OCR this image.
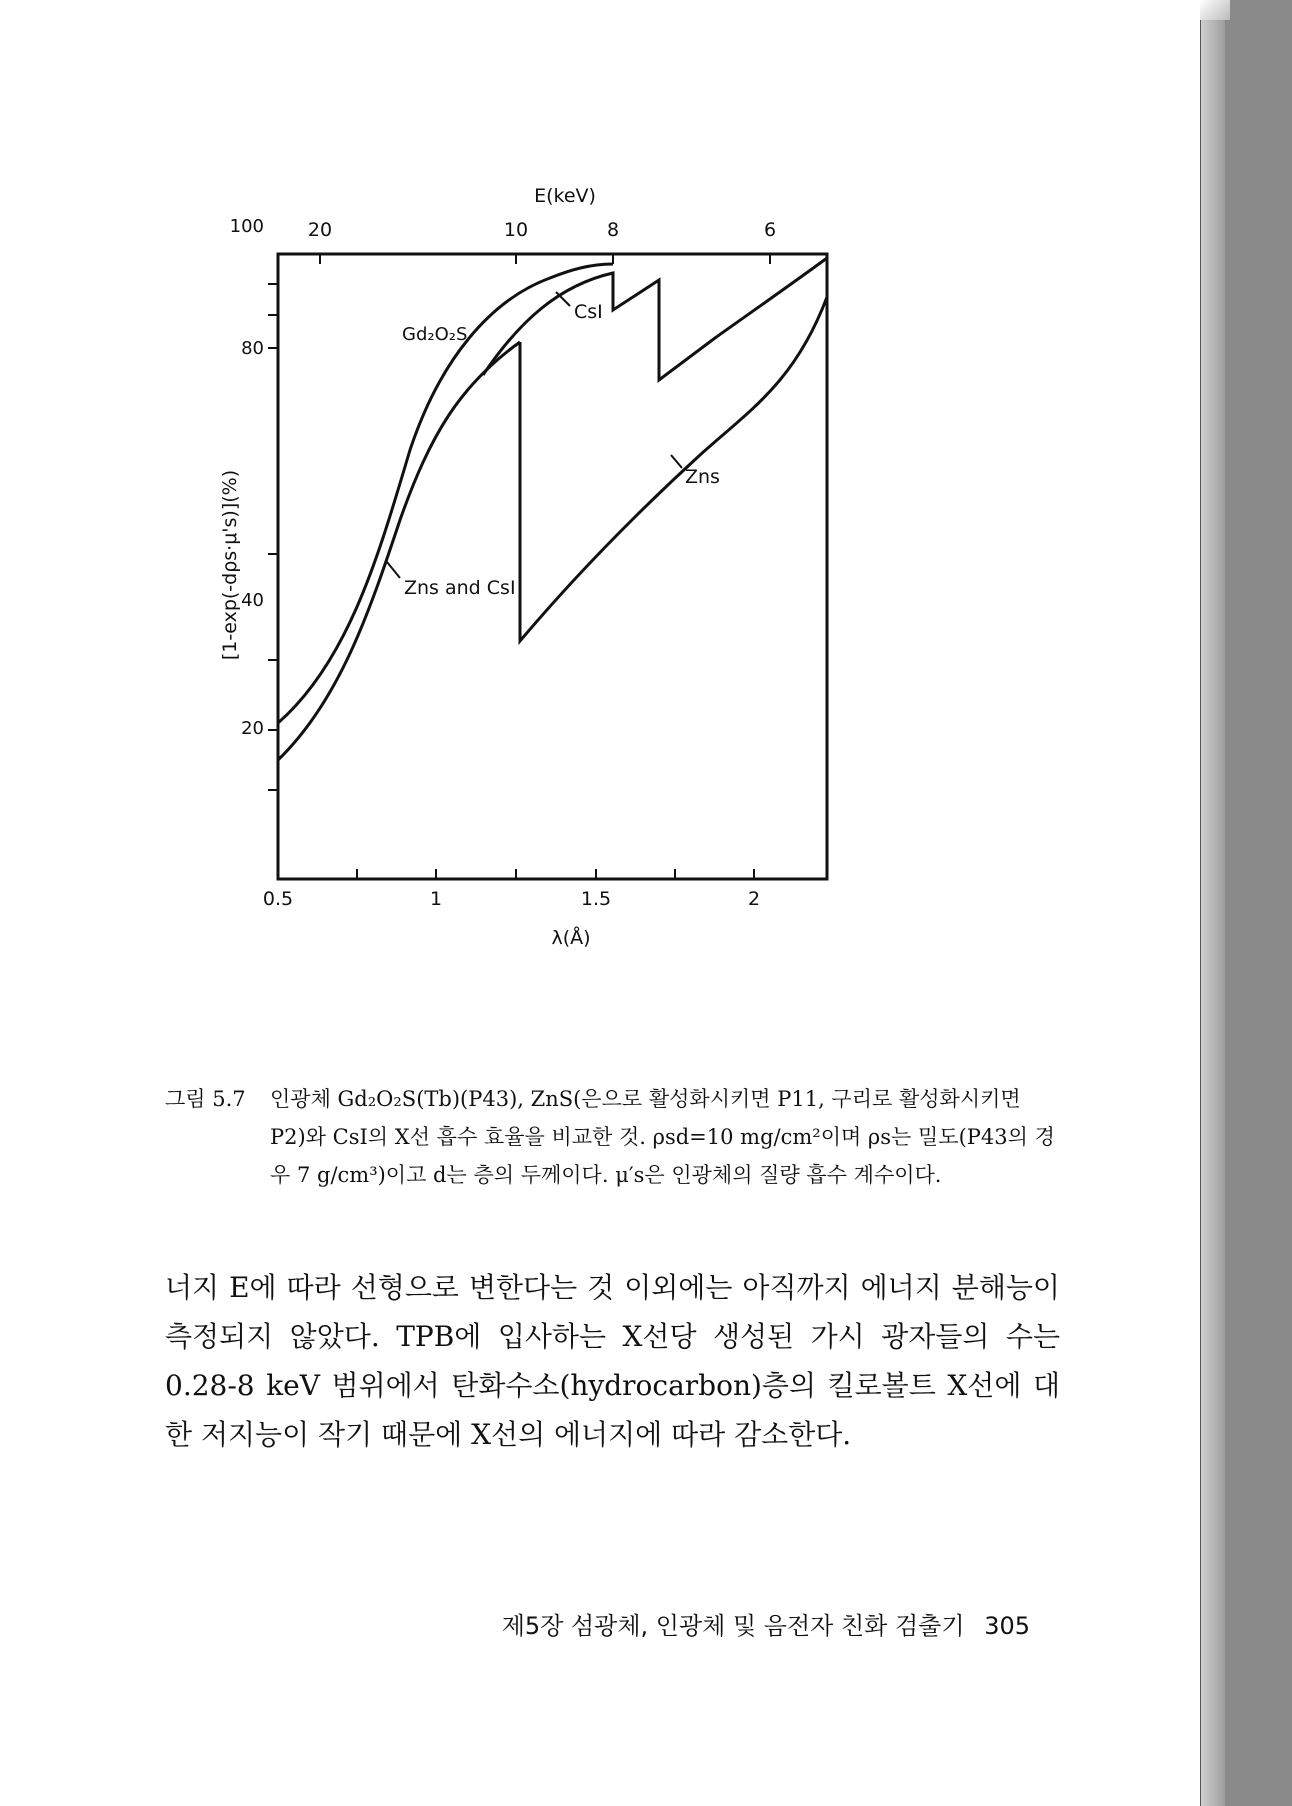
E(keV)
20	10	8	6
100
80
40
20
[1-exp(-dρs·μ's)](%)
0.5	1	1.5	2
λ(Å)
CsI
Gd₂O₂S
Zns
Zns and CsI
그림 5.7	인광체 Gd₂O₂S(Tb)(P43), ZnS(은으로 활성화시키면 P11, 구리로 활성화시키면 P2)와 CsI의 X선 흡수 효율을 비교한 것. ρsd=10 mg/cm²이며 ρs는 밀도(P43의 경우 7 g/cm³)이고 d는 층의 두께이다. μ′s은 인광체의 질량 흡수 계수이다.

너지 E에 따라 선형으로 변한다는 것 이외에는 아직까지 에너지 분해능이 측정되지 않았다. TPB에 입사하는 X선당 생성된 가시 광자들의 수는 0.28-8 keV 범위에서 탄화수소(hydrocarbon)층의 킬로볼트 X선에 대한 저지능이 작기 때문에 X선의 에너지에 따라 감소한다.

제5장 섬광체, 인광체 및 음전자 친화 검출기 305
